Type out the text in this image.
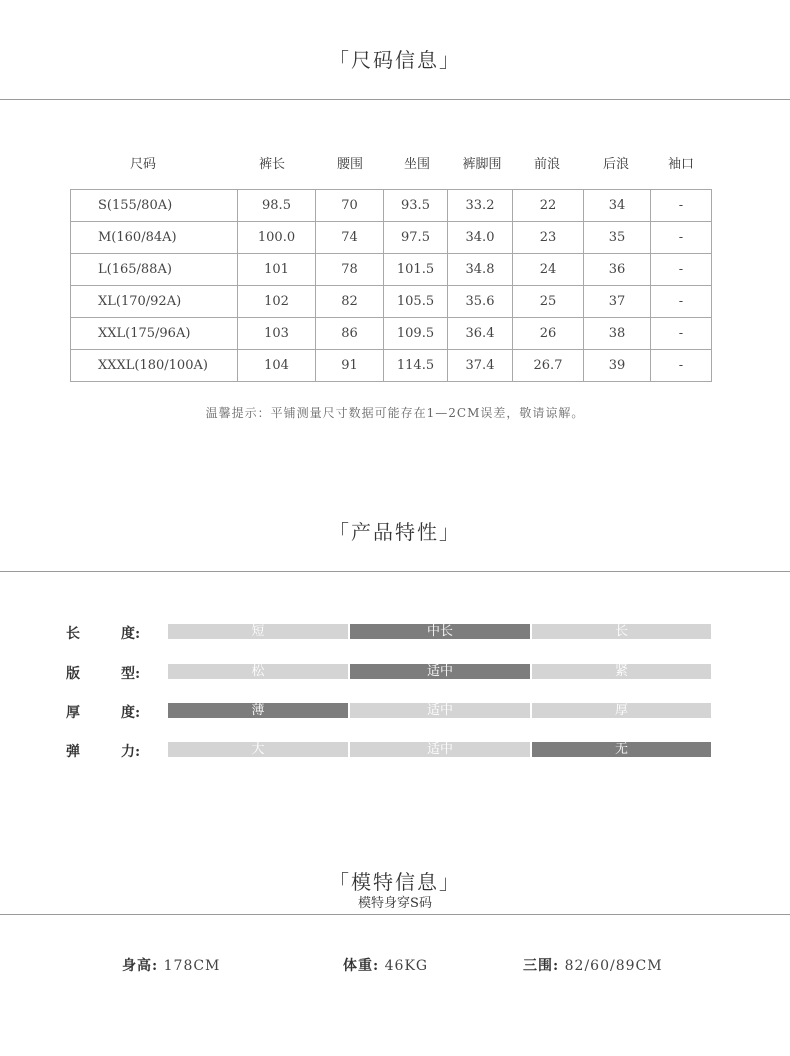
「尺码信息」
尺码	裤长	腰围	坐围	裤脚围	前浪	后浪	袖口
S(155/80A)	98.5	70	93.5	33.2	22	34	-
M(160/84A)	100.0	74	97.5	34.0	23	35	-
L(165/88A)	101	78	101.5	34.8	24	36	-
XL(170/92A)	102	82	105.5	35.6	25	37	-
XXL(175/96A)	103	86	109.5	36.4	26	38	-
XXXL(180/100A)	104	91	114.5	37.4	26.7	39	-
温馨提示：平铺测量尺寸数据可能存在1—2CM误差，敬请谅解。
「产品特性」
长	度:	短	中长	长
版	型:	松	适中	紧
厚	度:	薄	适中	厚
弹	力:	大	适中	无
「模特信息」
模特身穿S码
身高: 178CM	体重: 46KG	三围: 82/60/89CM
